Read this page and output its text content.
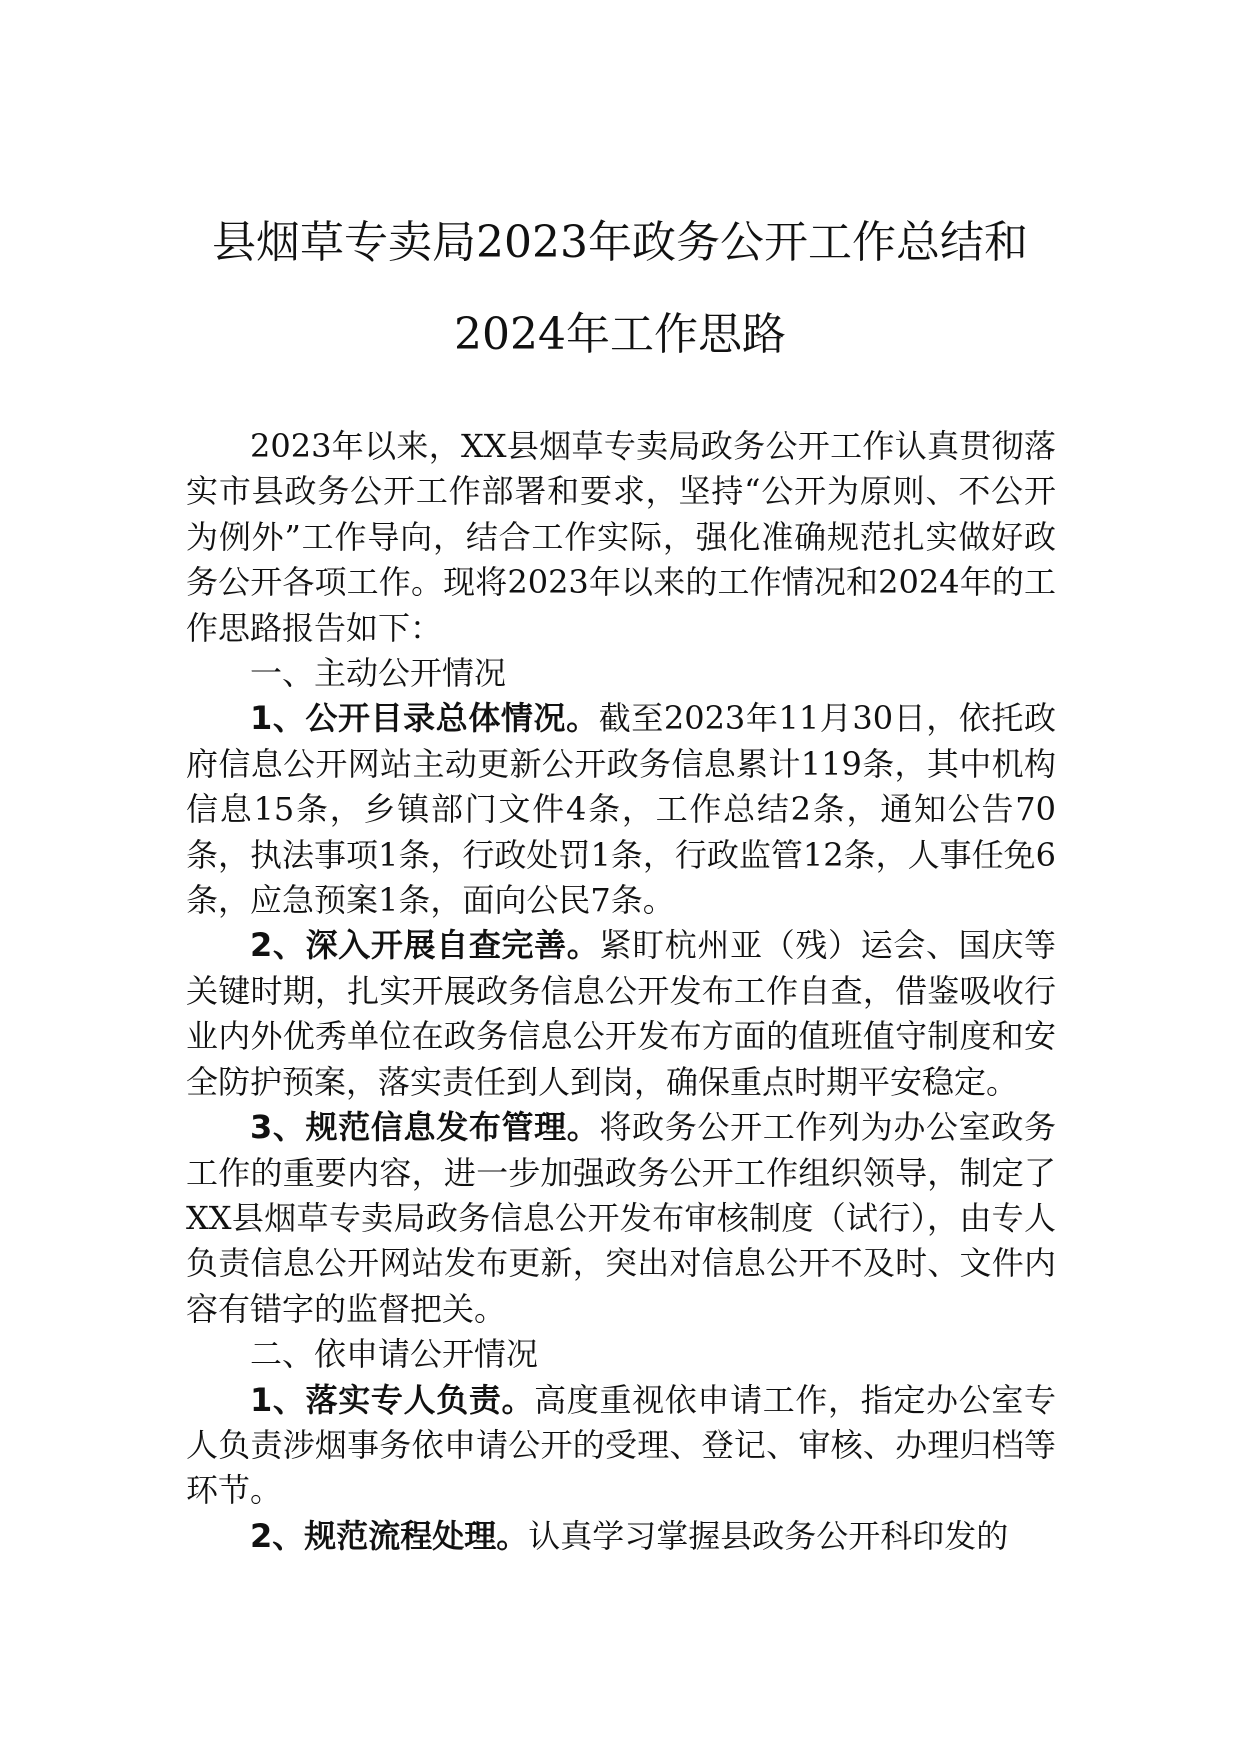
县烟草专卖局2023年政务公开工作总结和
2024年工作思路

2023年以来，XX县烟草专卖局政务公开工作认真贯彻落实市县政务公开工作部署和要求，坚持“公开为原则、不公开为例外”工作导向，结合工作实际，强化准确规范扎实做好政务公开各项工作。现将2023年以来的工作情况和2024年的工作思路报告如下：

一、主动公开情况

1、公开目录总体情况。截至2023年11月30日，依托政府信息公开网站主动更新公开政务信息累计119条，其中机构信息15条，乡镇部门文件4条，工作总结2条，通知公告70条，执法事项1条，行政处罚1条，行政监管12条，人事任免6条，应急预案1条，面向公民7条。

2、深入开展自查完善。紧盯杭州亚（残）运会、国庆等关键时期，扎实开展政务信息公开发布工作自查，借鉴吸收行业内外优秀单位在政务信息公开发布方面的值班值守制度和安全防护预案，落实责任到人到岗，确保重点时期平安稳定。

3、规范信息发布管理。将政务公开工作列为办公室政务工作的重要内容，进一步加强政务公开工作组织领导，制定了XX县烟草专卖局政务信息公开发布审核制度（试行），由专人负责信息公开网站发布更新，突出对信息公开不及时、文件内容有错字的监督把关。

二、依申请公开情况

1、落实专人负责。高度重视依申请工作，指定办公室专人负责涉烟事务依申请公开的受理、登记、审核、办理归档等环节。

2、规范流程处理。认真学习掌握县政务公开科印发的
